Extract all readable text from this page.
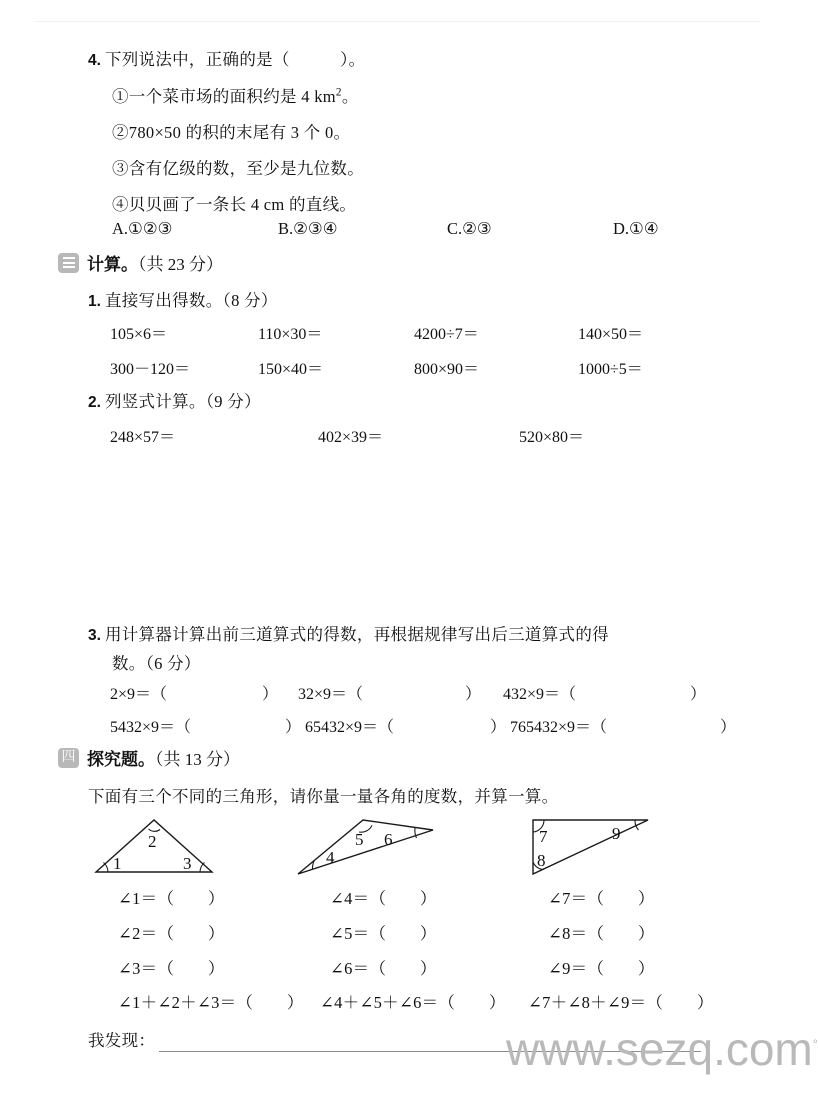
4. 下列说法中，正确的是（　　　）。
①一个菜市场的面积约是 4 $km^2$。
②780×50 的积的末尾有 3 个 0。
③含有亿级的数，至少是九位数。
④贝贝画了一条长 4 cm 的直线。
A.①②③	B.②③④	C.②③	D.①④
计算。（共 23 分）
1. 直接写出得数。（8 分）
105×6＝	110×30＝	4200÷7＝	140×50＝
300－120＝	150×40＝	800×90＝	1000÷5＝
2. 列竖式计算。（9 分）
248×57＝	402×39＝	520×80＝

3. 用计算器计算出前三道算式的得数，再根据规律写出后三道算式的得
数。（6 分）
2×9＝（	） 32×9＝（	） 432×9＝（	）
5432×9＝（	） 65432×9＝（	） 765432×9＝（	）
四 探究题。（共 13 分）
下面有三个不同的三角形，请你量一量各角的度数，并算一算。
1
2
3	4
5 6	7
8
9
∠1＝（　　）
∠2＝（　　）
∠3＝（　　）
∠4＝（　　）
∠5＝（　　）
∠6＝（　　）
∠7＝（　　）
∠8＝（　　）
∠9＝（　　）
∠1＋∠2＋∠3＝（　　） ∠4＋∠5＋∠6＝（　　） ∠7＋∠8＋∠9＝（　　）
我发现：	www.sezq.com°
